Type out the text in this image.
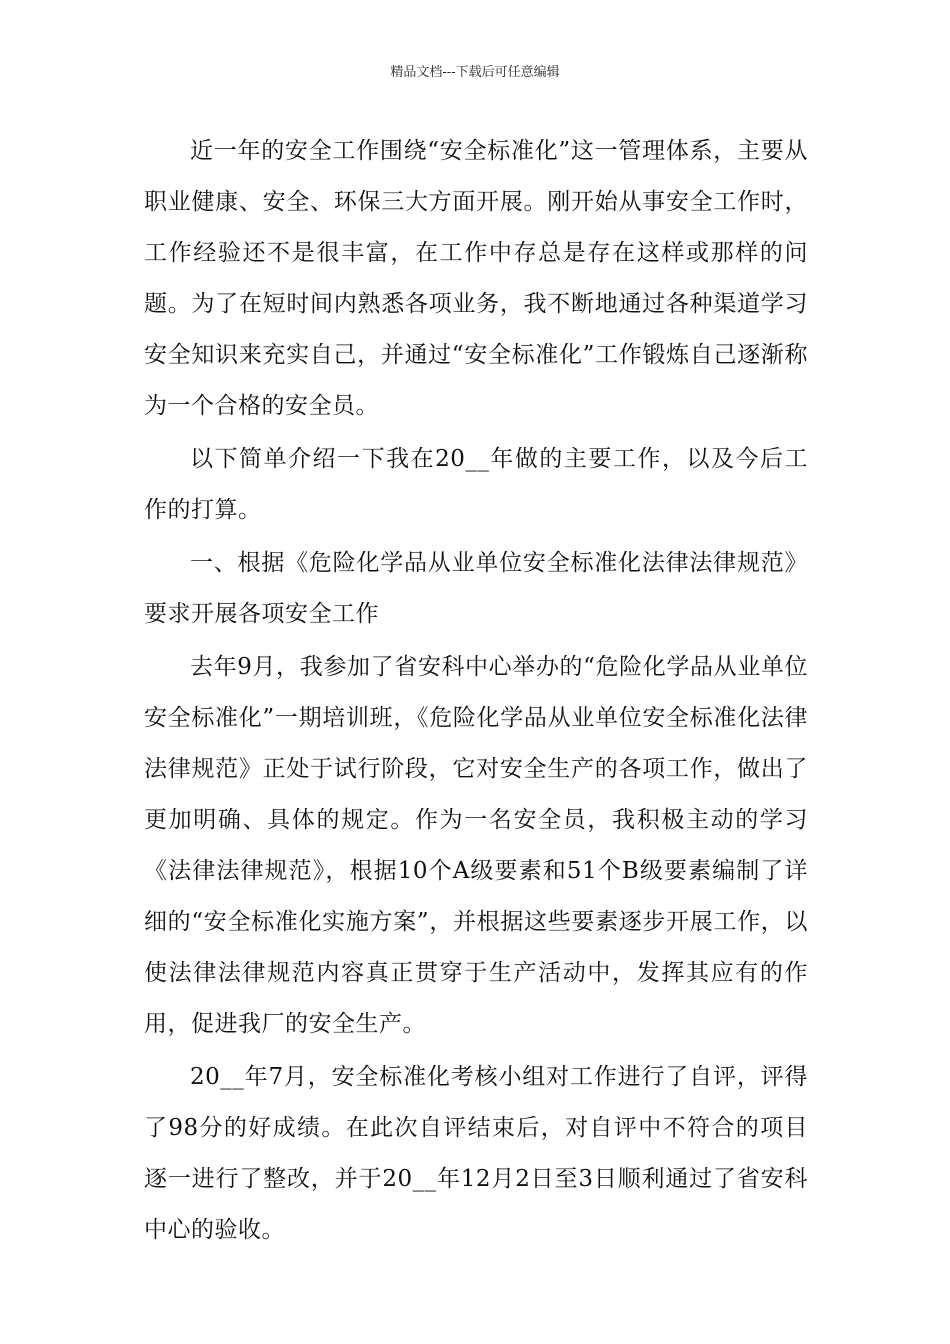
精品文档---下载后可任意编辑

近一年的安全工作围绕“安全标准化”这一管理体系，主要从职业健康、安全、环保三大方面开展。刚开始从事安全工作时，工作经验还不是很丰富，在工作中存总是存在这样或那样的问题。为了在短时间内熟悉各项业务，我不断地通过各种渠道学习安全知识来充实自己，并通过“安全标准化”工作锻炼自己逐渐称为一个合格的安全员。

以下简单介绍一下我在20__年做的主要工作，以及今后工作的打算。

一、根据《危险化学品从业单位安全标准化法律法律规范》要求开展各项安全工作

去年9月，我参加了省安科中心举办的“危险化学品从业单位安全标准化”一期培训班，《危险化学品从业单位安全标准化法律法律规范》正处于试行阶段，它对安全生产的各项工作，做出了更加明确、具体的规定。作为一名安全员，我积极主动的学习《法律法律规范》，根据10个A级要素和51个B级要素编制了详细的“安全标准化实施方案”，并根据这些要素逐步开展工作，以使法律法律规范内容真正贯穿于生产活动中，发挥其应有的作用，促进我厂的安全生产。

20__年7月，安全标准化考核小组对工作进行了自评，评得了98分的好成绩。在此次自评结束后，对自评中不符合的项目逐一进行了整改，并于20__年12月2日至3日顺利通过了省安科中心的验收。
